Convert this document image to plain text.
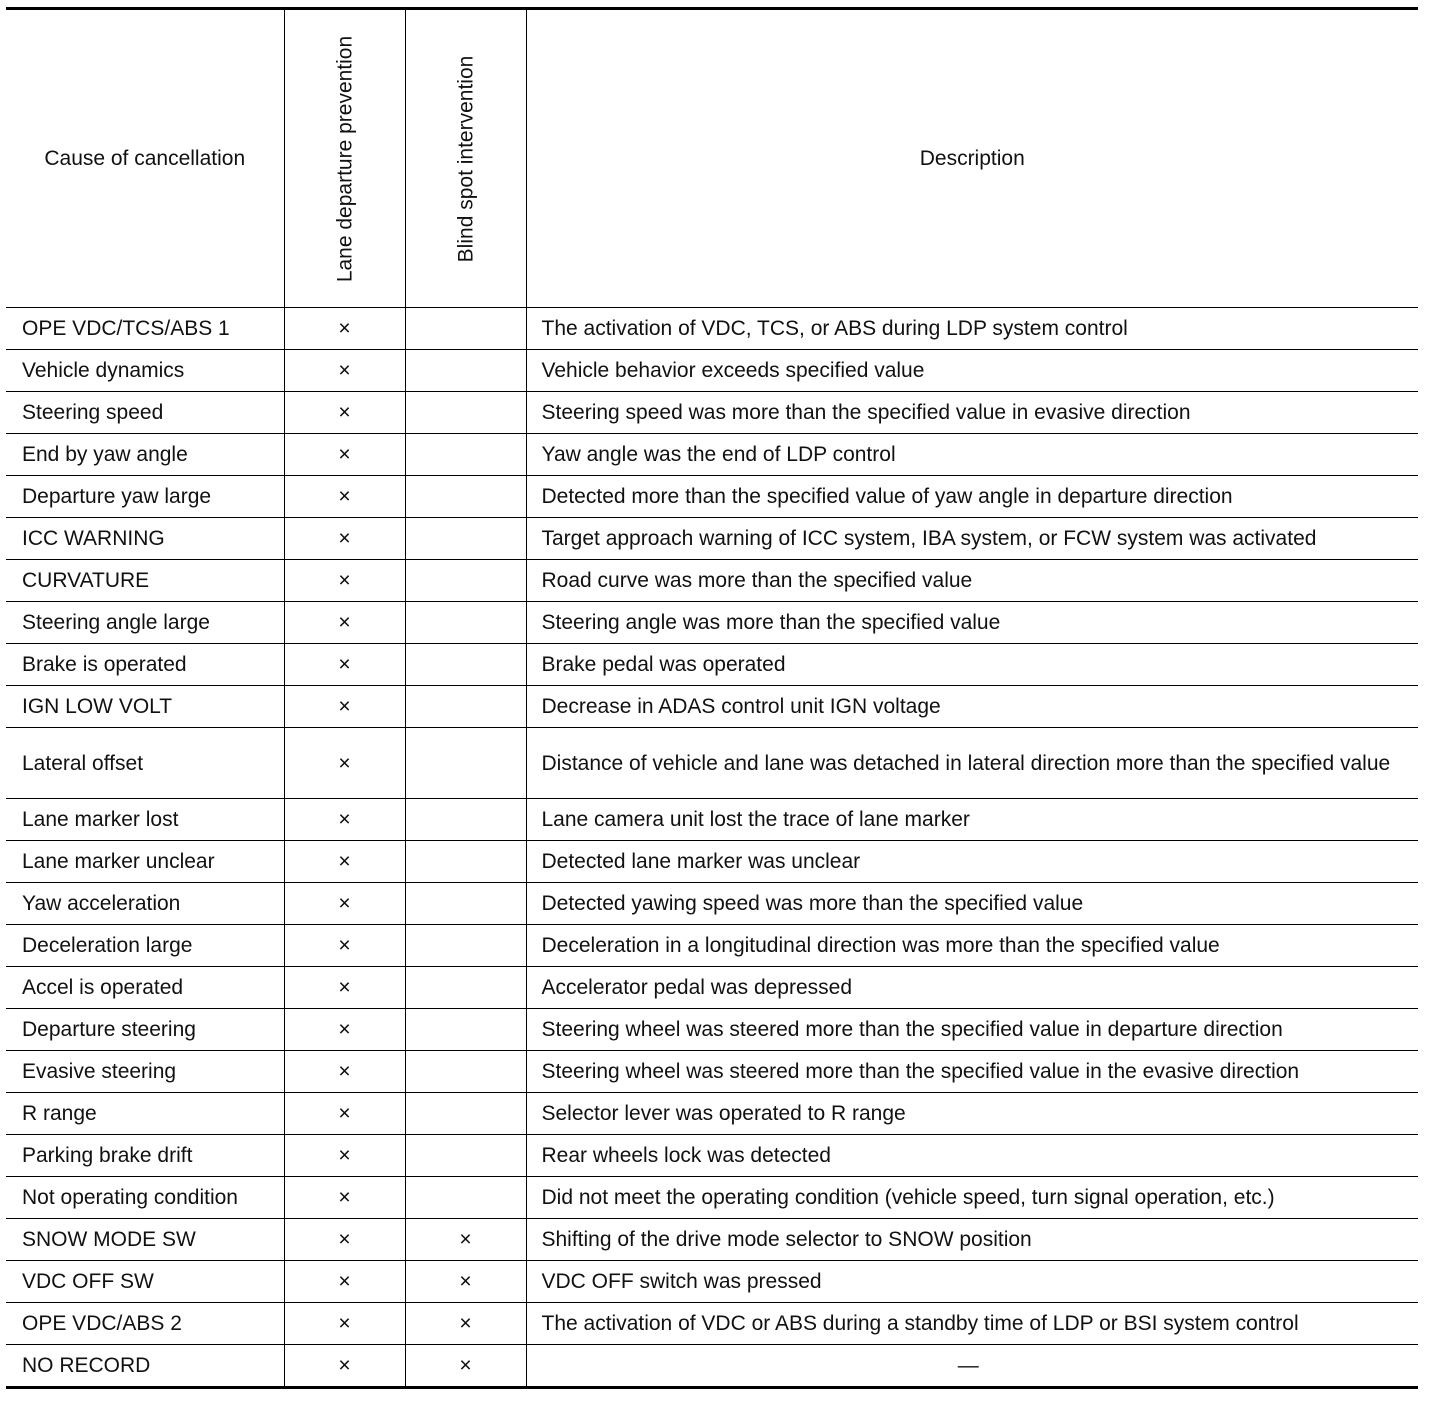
Cause of cancellation	Lane departure prevention	Blind spot intervention	Description
OPE VDC/TCS/ABS 1	×		The activation of VDC, TCS, or ABS during LDP system control
Vehicle dynamics	×		Vehicle behavior exceeds specified value
Steering speed	×		Steering speed was more than the specified value in evasive direction
End by yaw angle	×		Yaw angle was the end of LDP control
Departure yaw large	×		Detected more than the specified value of yaw angle in departure direction
ICC WARNING	×		Target approach warning of ICC system, IBA system, or FCW system was activated
CURVATURE	×		Road curve was more than the specified value
Steering angle large	×		Steering angle was more than the specified value
Brake is operated	×		Brake pedal was operated
IGN LOW VOLT	×		Decrease in ADAS control unit IGN voltage
Lateral offset	×		Distance of vehicle and lane was detached in lateral direction more than the specified value
Lane marker lost	×		Lane camera unit lost the trace of lane marker
Lane marker unclear	×		Detected lane marker was unclear
Yaw acceleration	×		Detected yawing speed was more than the specified value
Deceleration large	×		Deceleration in a longitudinal direction was more than the specified value
Accel is operated	×		Accelerator pedal was depressed
Departure steering	×		Steering wheel was steered more than the specified value in departure direction
Evasive steering	×		Steering wheel was steered more than the specified value in the evasive direction
R range	×		Selector lever was operated to R range
Parking brake drift	×		Rear wheels lock was detected
Not operating condition	×		Did not meet the operating condition (vehicle speed, turn signal operation, etc.)
SNOW MODE SW	×	×	Shifting of the drive mode selector to SNOW position
VDC OFF SW	×	×	VDC OFF switch was pressed
OPE VDC/ABS 2	×	×	The activation of VDC or ABS during a standby time of LDP or BSI system control
NO RECORD	×	×	—
